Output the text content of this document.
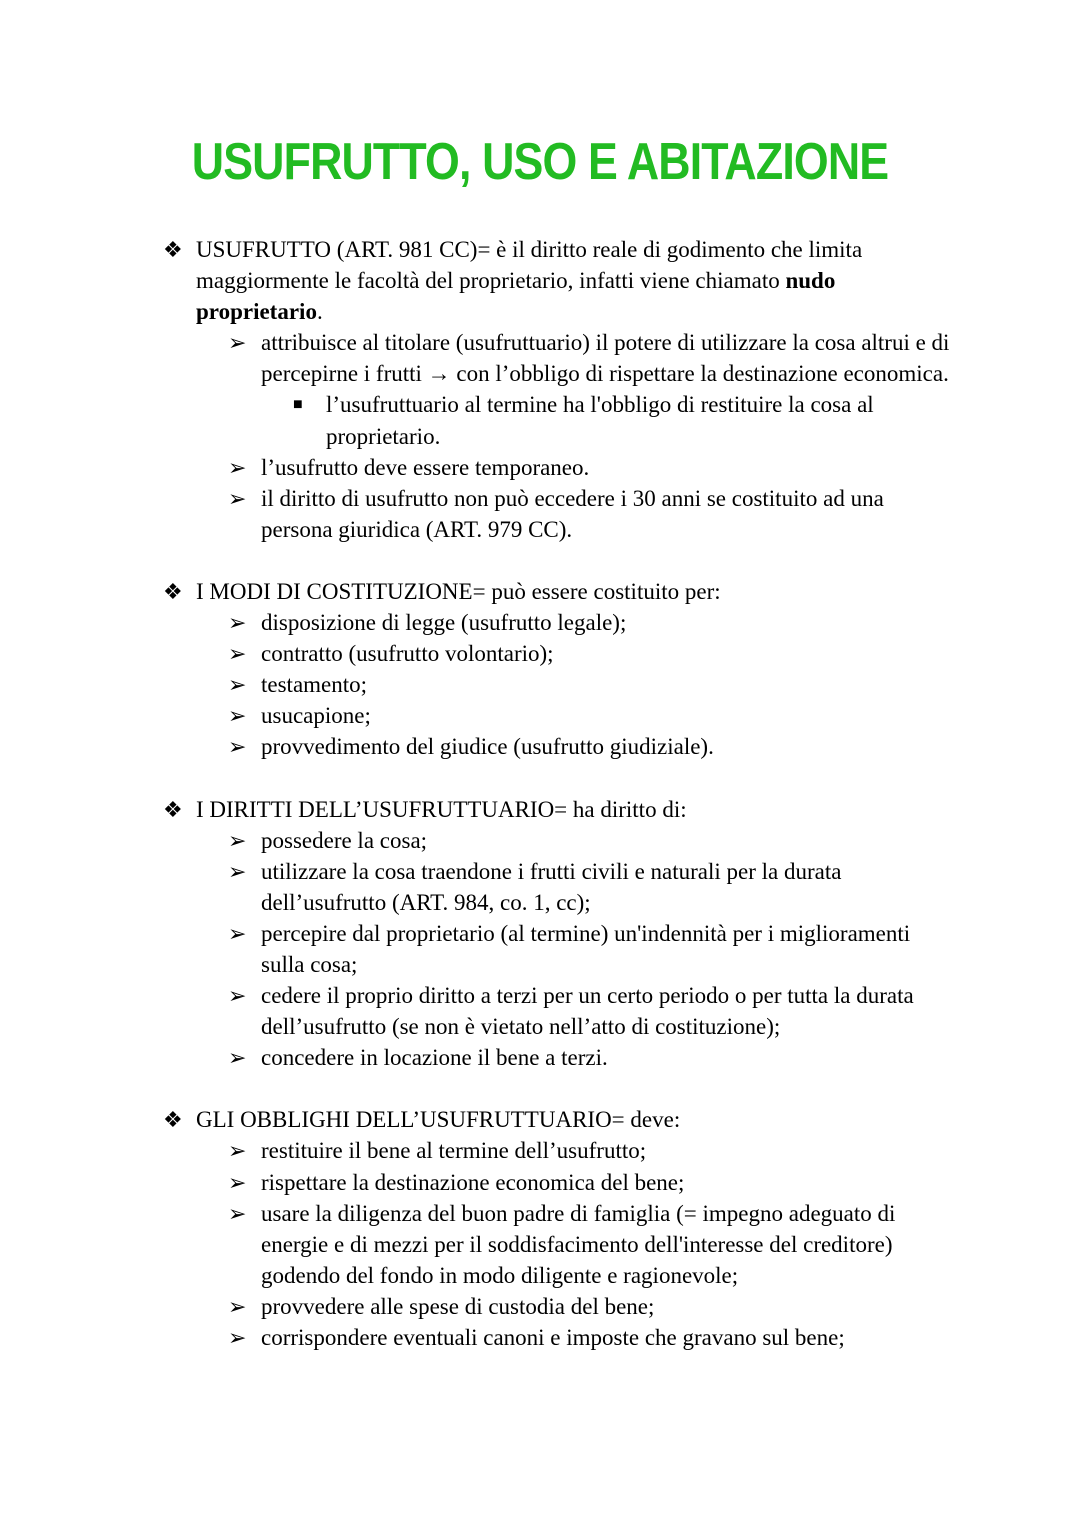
USUFRUTTO, USO E ABITAZIONE
❖ USUFRUTTO (ART. 981 CC)= è il diritto reale di godimento che limita maggiormente le facoltà del proprietario, infatti viene chiamato nudo proprietario.
➢ attribuisce al titolare (usufruttuario) il potere di utilizzare la cosa altrui e di percepirne i frutti → con l’obbligo di rispettare la destinazione economica.
■ l’usufruttuario al termine ha l'obbligo di restituire la cosa al proprietario.
➢ l’usufrutto deve essere temporaneo.
➢ il diritto di usufrutto non può eccedere i 30 anni se costituito ad una persona giuridica (ART. 979 CC).
❖ I MODI DI COSTITUZIONE= può essere costituito per:
➢ disposizione di legge (usufrutto legale);
➢ contratto (usufrutto volontario);
➢ testamento;
➢ usucapione;
➢ provvedimento del giudice (usufrutto giudiziale).
❖ I DIRITTI DELL’USUFRUTTUARIO= ha diritto di:
➢ possedere la cosa;
➢ utilizzare la cosa traendone i frutti civili e naturali per la durata dell’usufrutto (ART. 984, co. 1, cc);
➢ percepire dal proprietario (al termine) un'indennità per i miglioramenti sulla cosa;
➢ cedere il proprio diritto a terzi per un certo periodo o per tutta la durata dell’usufrutto (se non è vietato nell’atto di costituzione);
➢ concedere in locazione il bene a terzi.
❖ GLI OBBLIGHI DELL’USUFRUTTUARIO= deve:
➢ restituire il bene al termine dell’usufrutto;
➢ rispettare la destinazione economica del bene;
➢ usare la diligenza del buon padre di famiglia (= impegno adeguato di energie e di mezzi per il soddisfacimento dell'interesse del creditore) godendo del fondo in modo diligente e ragionevole;
➢ provvedere alle spese di custodia del bene;
➢ corrispondere eventuali canoni e imposte che gravano sul bene;
